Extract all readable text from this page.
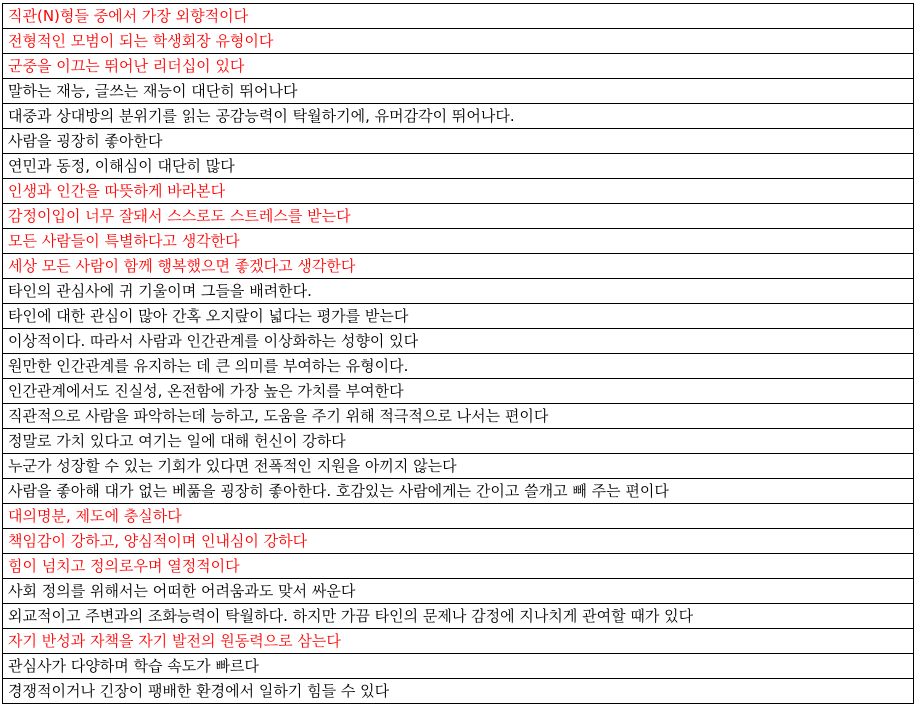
직관(N)형들 중에서 가장 외향적이다
전형적인 모범이 되는 학생회장 유형이다
군중을 이끄는 뛰어난 리더십이 있다
말하는 재능, 글쓰는 재능이 대단히 뛰어나다
대중과 상대방의 분위기를 읽는 공감능력이 탁월하기에, 유머감각이 뛰어나다.
사람을 굉장히 좋아한다
연민과 동정, 이해심이 대단히 많다
인생과 인간을 따뜻하게 바라본다
감정이입이 너무 잘돼서 스스로도 스트레스를 받는다
모든 사람들이 특별하다고 생각한다
세상 모든 사람이 함께 행복했으면 좋겠다고 생각한다
타인의 관심사에 귀 기울이며 그들을 배려한다.
타인에 대한 관심이 많아 간혹 오지랖이 넓다는 평가를 받는다
이상적이다. 따라서 사람과 인간관계를 이상화하는 성향이 있다
원만한 인간관계를 유지하는 데 큰 의미를 부여하는 유형이다.
인간관계에서도 진실성, 온전함에 가장 높은 가치를 부여한다
직관적으로 사람을 파악하는데 능하고, 도움을 주기 위해 적극적으로 나서는 편이다
정말로 가치 있다고 여기는 일에 대해 헌신이 강하다
누군가 성장할 수 있는 기회가 있다면 전폭적인 지원을 아끼지 않는다
사람을 좋아해 대가 없는 베풂을 굉장히 좋아한다. 호감있는 사람에게는 간이고 쓸개고 빼 주는 편이다
대의명분, 제도에 충실하다
책임감이 강하고, 양심적이며 인내심이 강하다
힘이 넘치고 정의로우며 열정적이다
사회 정의를 위해서는 어떠한 어려움과도 맞서 싸운다
외교적이고 주변과의 조화능력이 탁월하다. 하지만 가끔 타인의 문제나 감정에 지나치게 관여할 때가 있다
자기 반성과 자책을 자기 발전의 원동력으로 삼는다
관심사가 다양하며 학습 속도가 빠르다
경쟁적이거나 긴장이 팽배한 환경에서 일하기 힘들 수 있다
